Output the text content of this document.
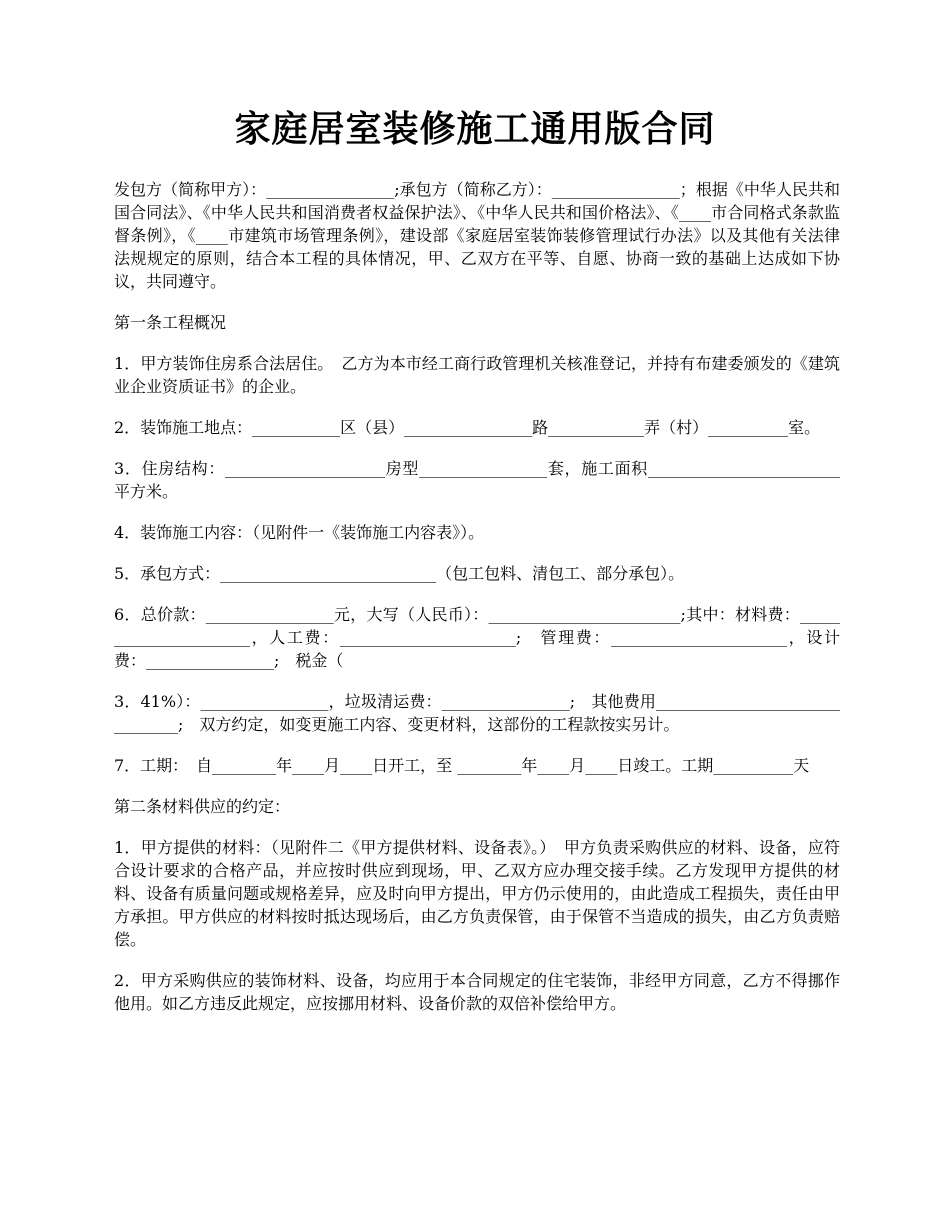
家庭居室装修施工通用版合同

发包方（简称甲方）：________________;承包方（简称乙方）：________________；根据《中华人民共和国合同法》、《中华人民共和国消费者权益保护法》、《中华人民共和国价格法》、《____市合同格式条款监督条例》，《____市建筑市场管理条例》，建设部《家庭居室装饰装修管理试行办法》以及其他有关法律法规规定的原则，结合本工程的具体情况，甲、乙双方在平等、自愿、协商一致的基础上达成如下协议，共同遵守。

第一条工程概况

1．甲方装饰住房系合法居住。　乙方为本市经工商行政管理机关核准登记，并持有布建委颁发的《建筑业企业资质证书》的企业。

2．装饰施工地点：___________区（县）________________路____________弄（村）__________室。

3．住房结构：____________________房型________________套，施工面积________________________平方米。

4．装饰施工内容：（见附件一《装饰施工内容表》）。

5．承包方式：___________________________（包工包料、清包工、部分承包）。

6．总价款：________________元，大写（人民币）：________________________;其中：材料费：______________________，人工费：______________________;　管理费：______________________，设计费：________________;　税金（

3．41%）：________________，垃圾清运费：________________;　其他费用_______________________________;　双方约定，如变更施工内容、变更材料，这部份的工程款按实另计。

7．工期：　自________年____月____日开工，至 ________年____月____日竣工。工期__________天

第二条材料供应的约定：

1．甲方提供的材料：（见附件二《甲方提供材料、设备表》。）　甲方负责采购供应的材料、设备，应符合设计要求的合格产品，并应按时供应到现场，甲、乙双方应办理交接手续。乙方发现甲方提供的材料、设备有质量问题或规格差异，应及时向甲方提出，甲方仍示使用的，由此造成工程损失，责任由甲方承担。甲方供应的材料按时抵达现场后，由乙方负责保管，由于保管不当造成的损失，由乙方负责赔偿。

2．甲方采购供应的装饰材料、设备，均应用于本合同规定的住宅装饰，非经甲方同意，乙方不得挪作他用。如乙方违反此规定，应按挪用材料、设备价款的双倍补偿给甲方。
